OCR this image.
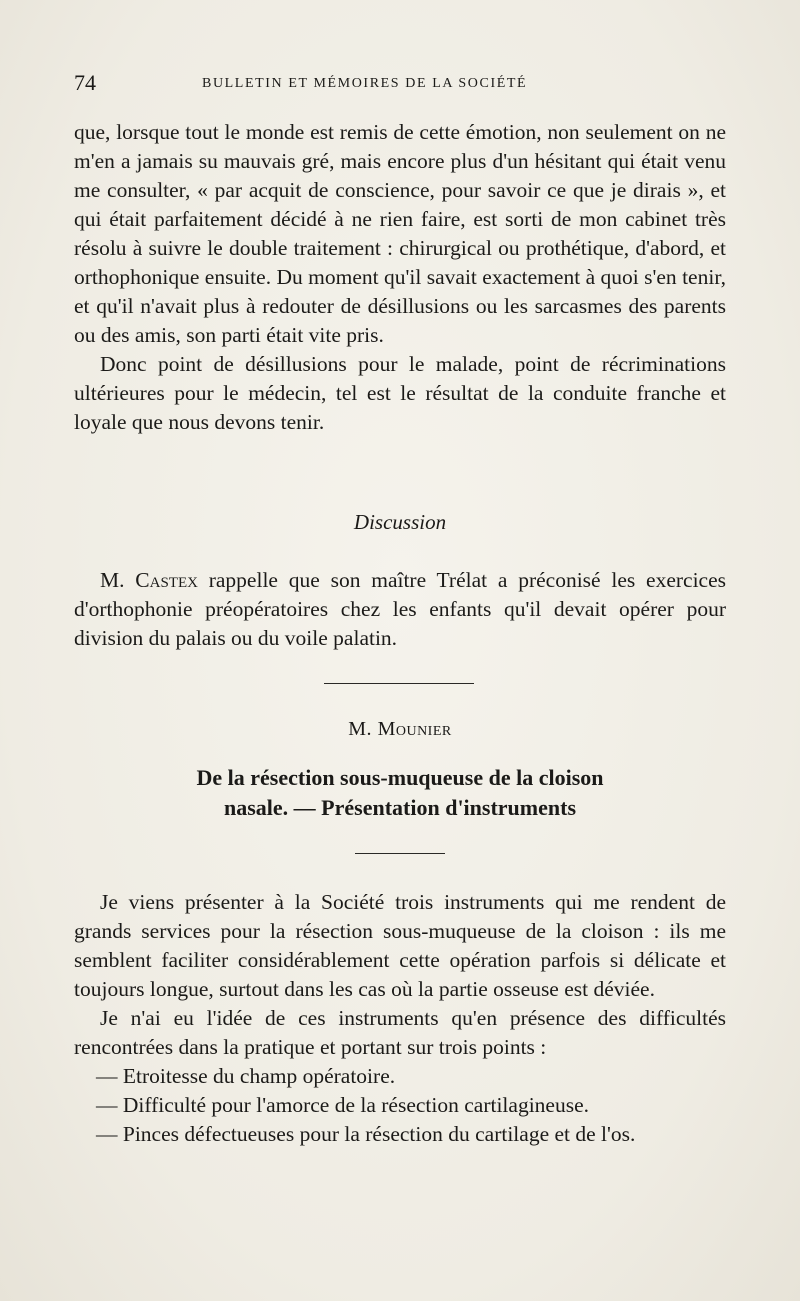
74	BULLETIN ET MÉMOIRES DE LA SOCIÉTÉ

que, lorsque tout le monde est remis de cette émotion, non seulement on ne m'en a jamais su mauvais gré, mais encore plus d'un hésitant qui était venu me consulter, « par acquit de conscience, pour savoir ce que je dirais », et qui était parfaitement décidé à ne rien faire, est sorti de mon cabinet très résolu à suivre le double traitement : chirurgical ou prothétique, d'abord, et orthophonique ensuite. Du moment qu'il savait exactement à quoi s'en tenir, et qu'il n'avait plus à redouter de désillusions ou les sarcasmes des parents ou des amis, son parti était vite pris.

Donc point de désillusions pour le malade, point de récriminations ultérieures pour le médecin, tel est le résultat de la conduite franche et loyale que nous devons tenir.

Discussion

M. Castex rappelle que son maître Trélat a préconisé les exercices d'orthophonie préopératoires chez les enfants qu'il devait opérer pour division du palais ou du voile palatin.

M. Mounier
De la résection sous-muqueuse de la cloison
nasale. — Présentation d'instruments

Je viens présenter à la Société trois instruments qui me rendent de grands services pour la résection sous-muqueuse de la cloison : ils me semblent faciliter considérablement cette opération parfois si délicate et toujours longue, surtout dans les cas où la partie osseuse est déviée.

Je n'ai eu l'idée de ces instruments qu'en présence des difficultés rencontrées dans la pratique et portant sur trois points :

— Etroitesse du champ opératoire.

— Difficulté pour l'amorce de la résection cartilagineuse.

— Pinces défectueuses pour la résection du cartilage et de l'os.
